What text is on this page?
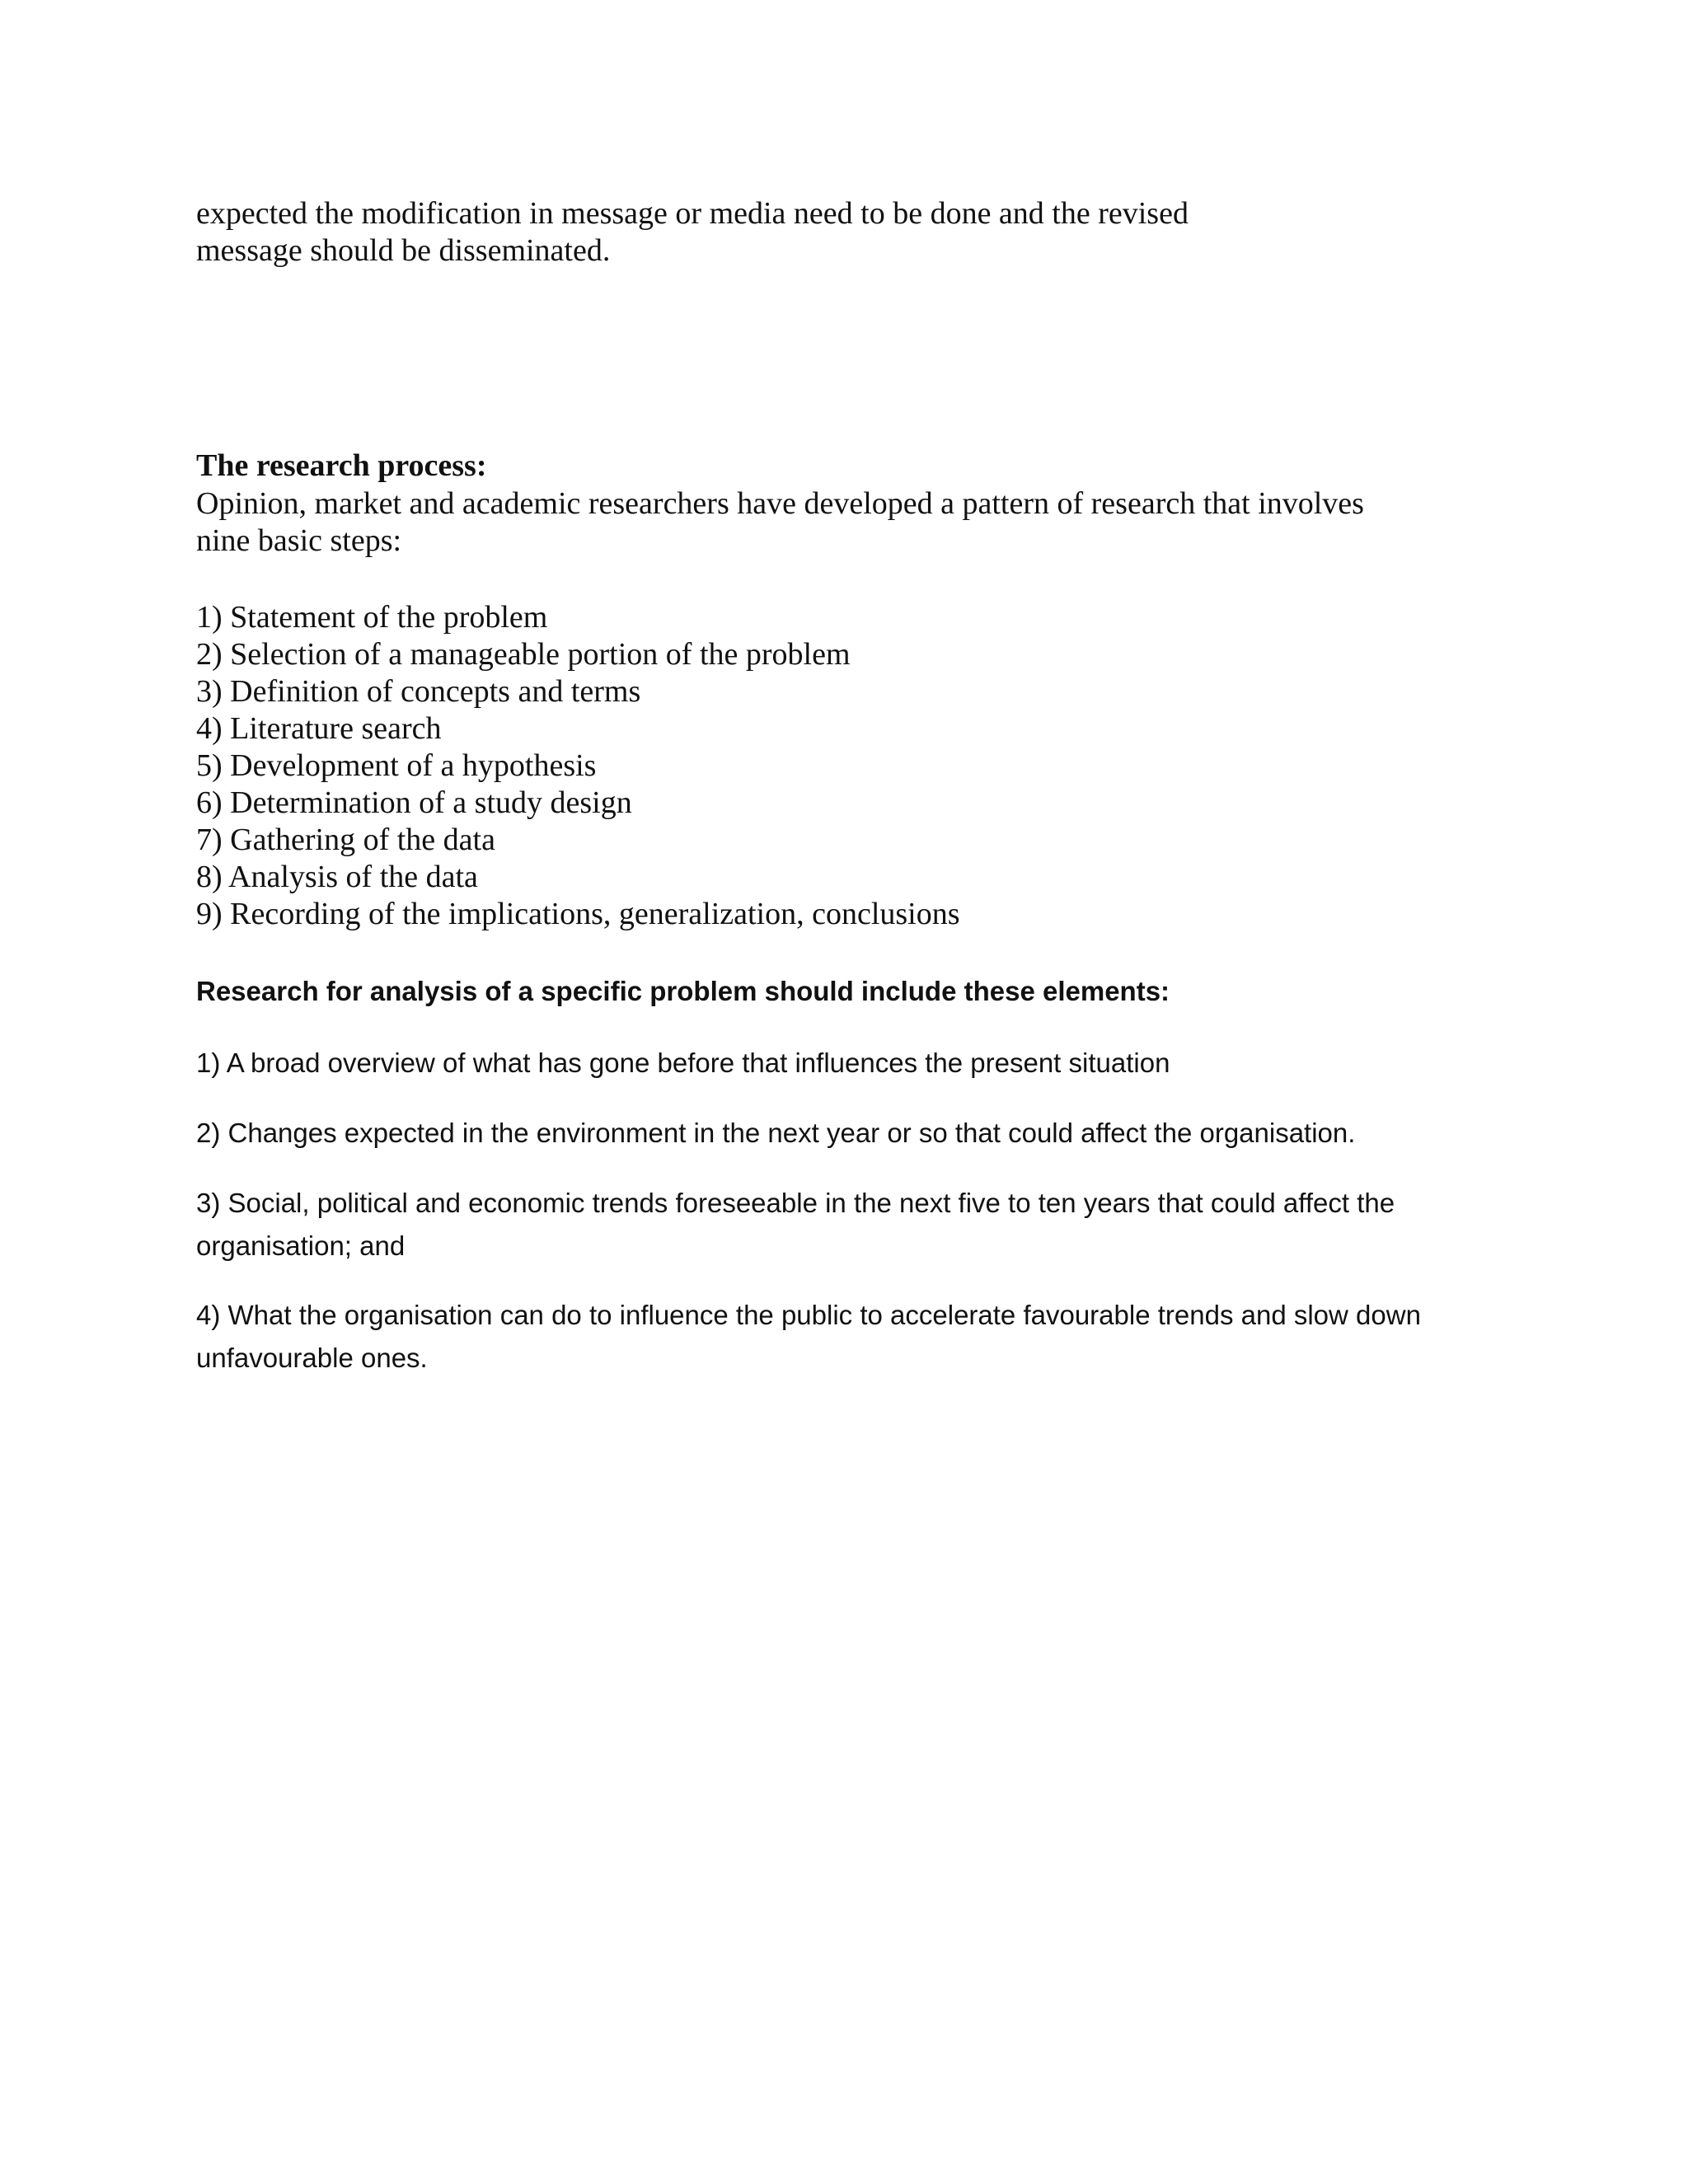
expected the modification in message or media need to be done and the revised
message should be disseminated.

The research process:

Opinion, market and academic researchers have developed a pattern of research that involves
nine basic steps:

1) Statement of the problem
2) Selection of a manageable portion of the problem
3) Definition of concepts and terms
4) Literature search
5) Development of a hypothesis
6) Determination of a study design
7) Gathering of the data
8) Analysis of the data
9) Recording of the implications, generalization, conclusions
Research for analysis of a specific problem should include these elements:

1) A broad overview of what has gone before that influences the present situation

2) Changes expected in the environment in the next year or so that could affect the organisation.

3) Social, political and economic trends foreseeable in the next five to ten years that could affect the
organisation; and

4) What the organisation can do to influence the public to accelerate favourable trends and slow down
unfavourable ones.
